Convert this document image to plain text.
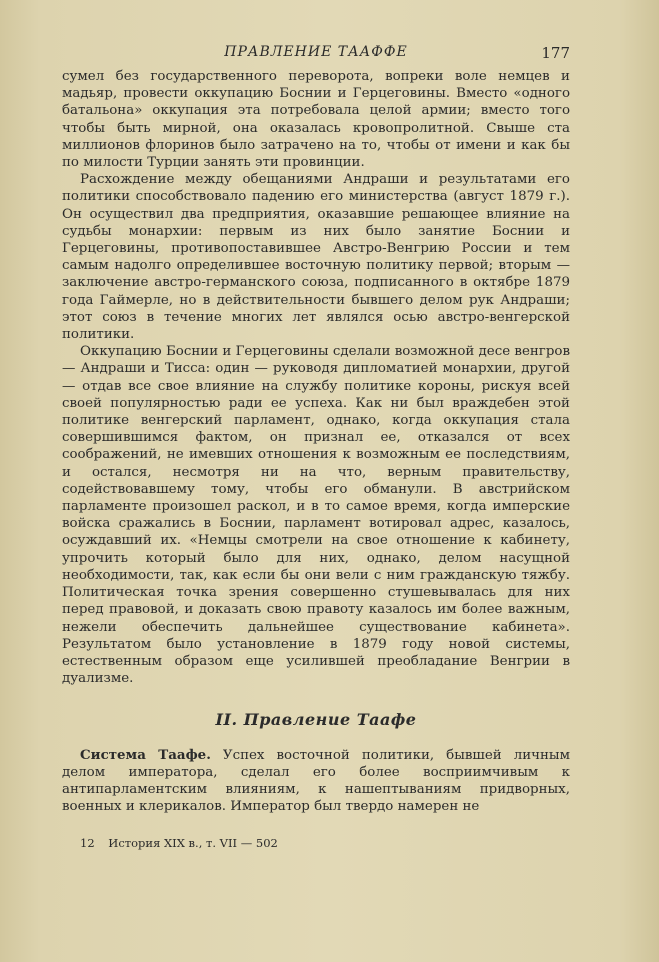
ПРАВЛЕНИЕ ТААФФЕ	177

сумел без государственного переворота, вопреки воле немцев и мадьяр, провести оккупацию Боснии и Герцеговины. Вместо «одного батальона» оккупация эта потребовала целой армии; вместо того чтобы быть мирной, она оказалась кровопролитной. Свыше ста миллионов флоринов было затрачено на то, чтобы от имени и как бы по милости Турции занять эти провинции.

Расхождение между обещаниями Андраши и результатами его политики способствовало падению его министерства (август 1879 г.). Он осуществил два предприятия, оказавшие решающее влияние на судьбы монархии: первым из них было занятие Боснии и Герцеговины, противопоставившее Австро-Венгрию России и тем самым надолго определившее восточную политику первой; вторым — заключение австро-германского союза, подписанного в октябре 1879 года Гаймерле, но в действительности бывшего делом рук Андраши; этот союз в течение многих лет являлся осью австро-венгерской политики.

Оккупацию Боснии и Герцеговины сделали возможной десе венгров — Андраши и Тисса: один — руководя дипломатией монархии, другой — отдав все свое влияние на службу политике короны, рискуя всей своей популярностью ради ее успеха. Как ни был враждебен этой политике венгерский парламент, однако, когда оккупация стала совершившимся фактом, он признал ее, отказался от всех соображений, не имевших отношения к возможным ее последствиям, и остался, несмотря ни на что, верным правительству, содействовавшему тому, чтобы его обманули. В австрийском парламенте произошел раскол, и в то самое время, когда имперские войска сражались в Боснии, парламент вотировал адрес, казалось, осуждавший их. «Немцы смотрели на свое отношение к кабинету, упрочить который было для них, однако, делом насущной необходимости, так, как если бы они вели с ним гражданскую тяжбу. Политическая точка зрения совершенно стушевывалась для них перед правовой, и доказать свою правоту казалось им более важным, нежели обеспечить дальнейшее существование кабинета». Результатом было установление в 1879 году новой системы, естественным образом еще усилившей преобладание Венгрии в дуализме.

II. Правление Таафе

Система Таафе. Успех восточной политики, бывшей личным делом императора, сделал его более восприимчивым к антипарламентским влияниям, к нашептываниям придворных, военных и клерикалов. Император был твердо намерен не

12 История XIX в., т. VII — 502
